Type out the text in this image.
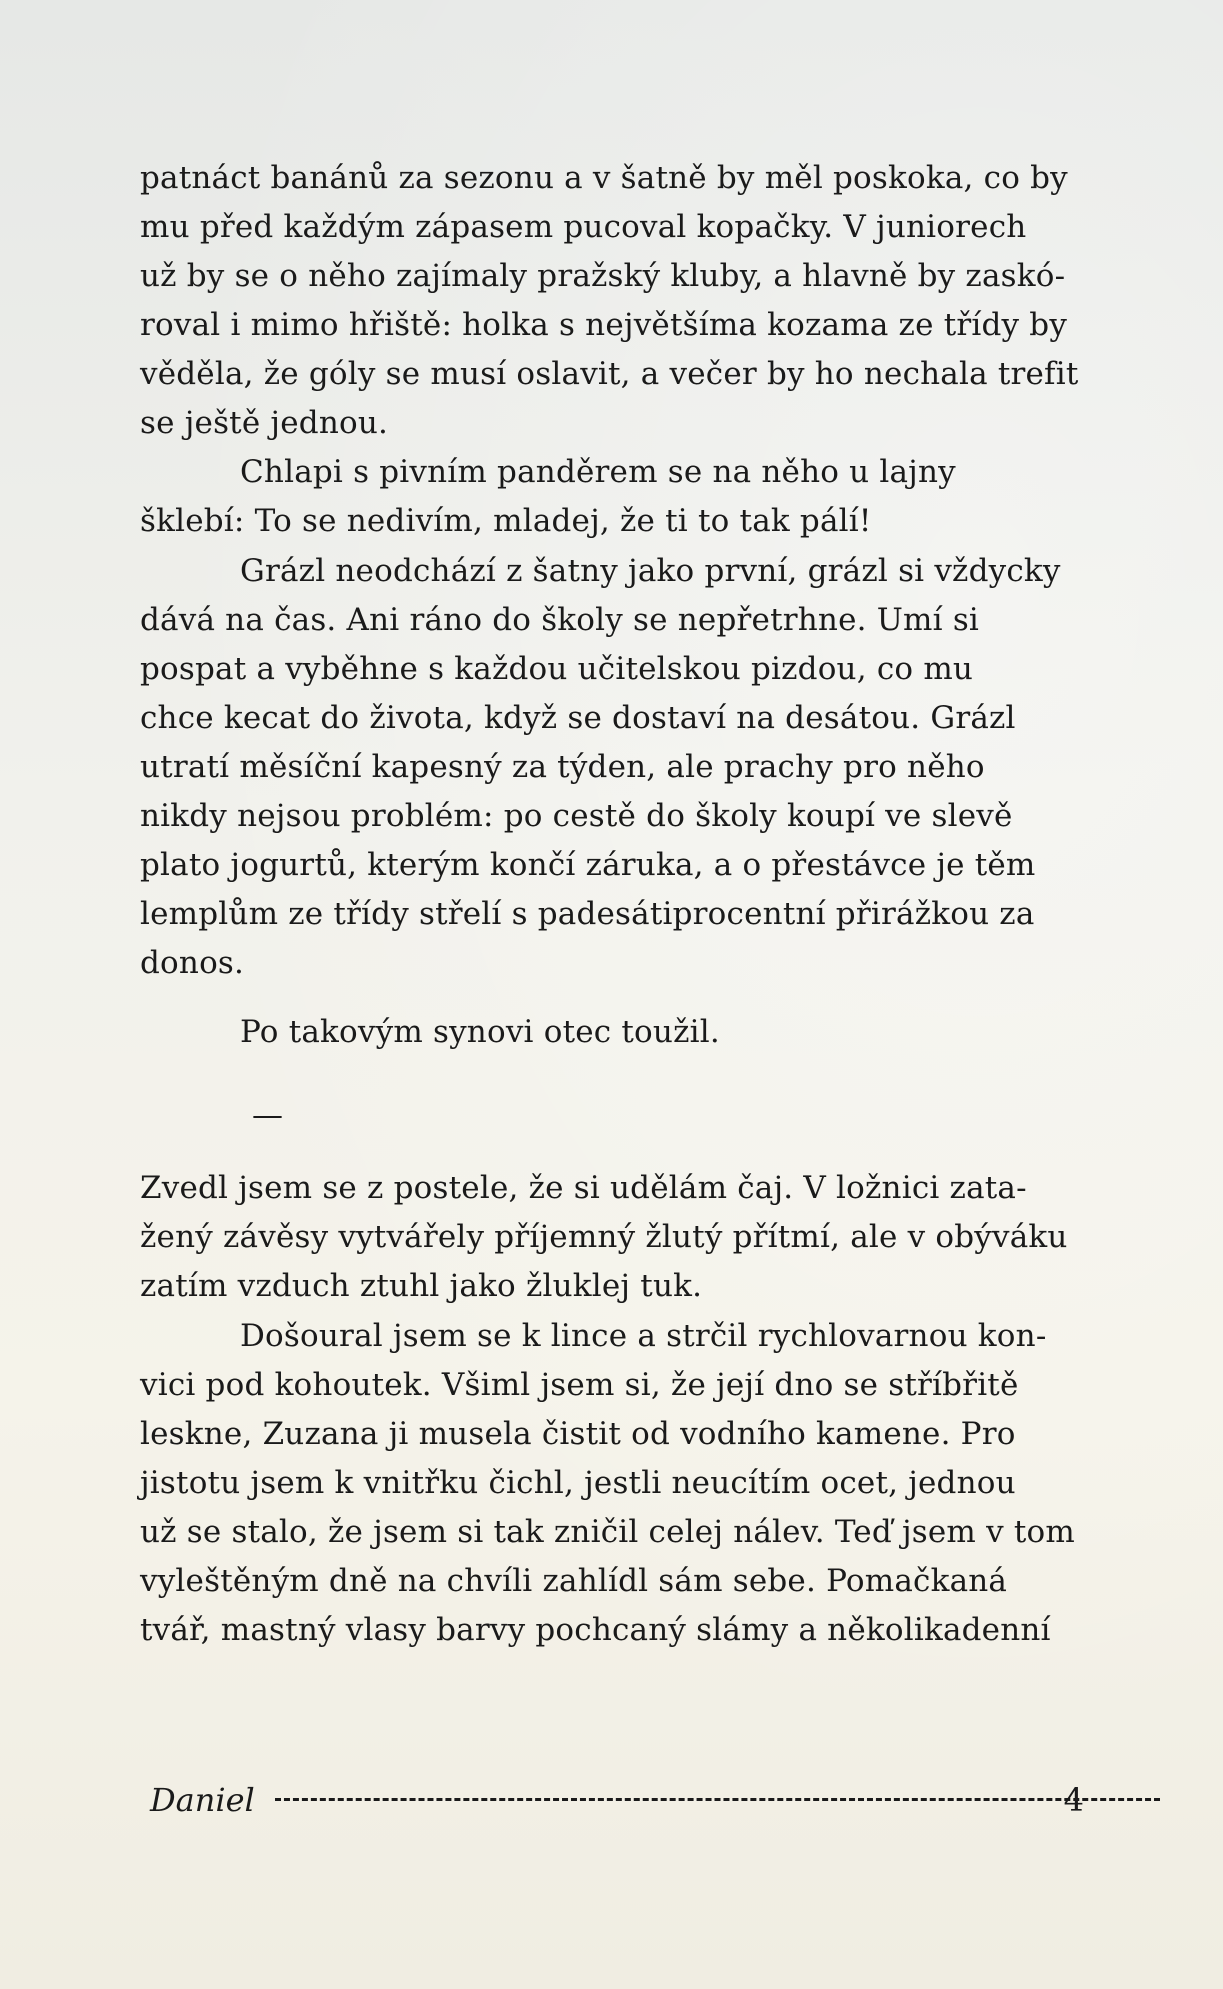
patnáct banánů za sezonu a v šatně by měl poskoka, co by
mu před každým zápasem pucoval kopačky. V juniorech
už by se o něho zajímaly pražský kluby, a hlavně by zaskó-
roval i mimo hřiště: holka s největšíma kozama ze třídy by
věděla, že góly se musí oslavit, a večer by ho nechala trefit
se ještě jednou.
Chlapi s pivním panděrem se na něho u lajny
šklebí: To se nedivím, mladej, že ti to tak pálí!
Grázl neodchází z šatny jako první, grázl si vždycky
dává na čas. Ani ráno do školy se nepřetrhne. Umí si
pospat a vyběhne s každou učitelskou pizdou, co mu
chce kecat do života, když se dostaví na desátou. Grázl
utratí měsíční kapesný za týden, ale prachy pro něho
nikdy nejsou problém: po cestě do školy koupí ve slevě
plato jogurtů, kterým končí záruka, a o přestávce je těm
lemplům ze třídy střelí s padesátiprocentní přirážkou za
donos.
Po takovým synovi otec toužil.
—
Zvedl jsem se z postele, že si udělám čaj. V ložnici zata-
žený závěsy vytvářely příjemný žlutý přítmí, ale v obýváku
zatím vzduch ztuhl jako žluklej tuk.
Došoural jsem se k lince a strčil rychlovarnou kon-
vici pod kohoutek. Všiml jsem si, že její dno se stříbřitě
leskne, Zuzana ji musela čistit od vodního kamene. Pro
jistotu jsem k vnitřku čichl, jestli neucítím ocet, jednou
už se stalo, že jsem si tak zničil celej nálev. Teď jsem v tom
vyleštěným dně na chvíli zahlídl sám sebe. Pomačkaná
tvář, mastný vlasy barvy pochcaný slámy a několikadenní
Daniel	4
